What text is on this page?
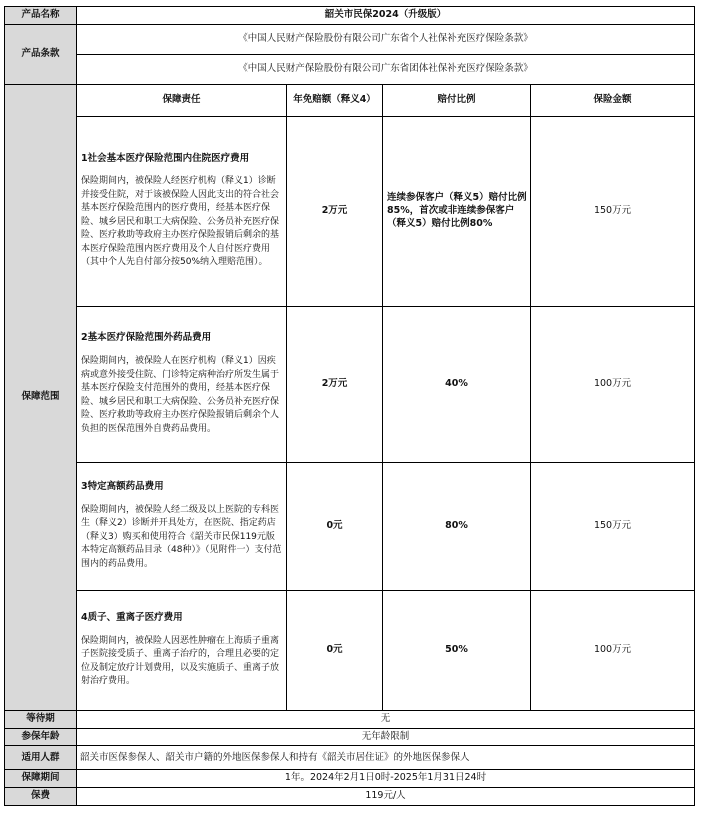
产品名称	韶关市民保2024（升级版）			
产品条款	《中国人民财产保险股份有限公司广东省个人社保补充医疗保险条款》			
	《中国人民财产保险股份有限公司广东省团体社保补充医疗保险条款》			
保障范围	保障责任	年免赔额（释义4）	赔付比例	保险金额

	1社会基本医疗保险范围内住院医疗费用
保险期间内，被保险人经医疗机构（释义1）诊断并接受住院，对于该被保险人因此支出的符合社会基本医疗保险范围内的医疗费用，经基本医疗保险、城乡居民和职工大病保险、公务员补充医疗保险、医疗救助等政府主办医疗保险报销后剩余的基本医疗保险范围内医疗费用及个人自付医疗费用（其中个人先自付部分按50%纳入理赔范围）。	2万元	连续参保客户（释义5）赔付比例85%，首次或非连续参保客户（释义5）赔付比例80%	150万元

	2基本医疗保险范围外药品费用
保险期间内，被保险人在医疗机构（释义1）因疾病或意外接受住院、门诊特定病种治疗所发生属于基本医疗保险支付范围外的费用，经基本医疗保险、城乡居民和职工大病保险、公务员补充医疗保险、医疗救助等政府主办医疗保险报销后剩余个人负担的医保范围外自费药品费用。	2万元	40%	100万元

	3特定高额药品费用
保险期间内，被保险人经二级及以上医院的专科医生（释义2）诊断并开具处方，在医院、指定药店（释义3）购买和使用符合《韶关市民保119元版本特定高额药品目录（48种）》（见附件一）支付范围内的药品费用。	0元	80%	150万元

	4质子、重离子医疗费用
保险期间内，被保险人因恶性肿瘤在上海质子重离子医院接受质子、重离子治疗的，合理且必要的定位及制定放疗计划费用，以及实施质子、重离子放射治疗费用。	0元	50%	100万元
等待期	无			
参保年龄	无年龄限制			
适用人群	韶关市医保参保人、韶关市户籍的外地医保参保人和持有《韶关市居住证》的外地医保参保人			
保障期间	1年。2024年2月1日0时-2025年1月31日24时			
保费	119元/人			
